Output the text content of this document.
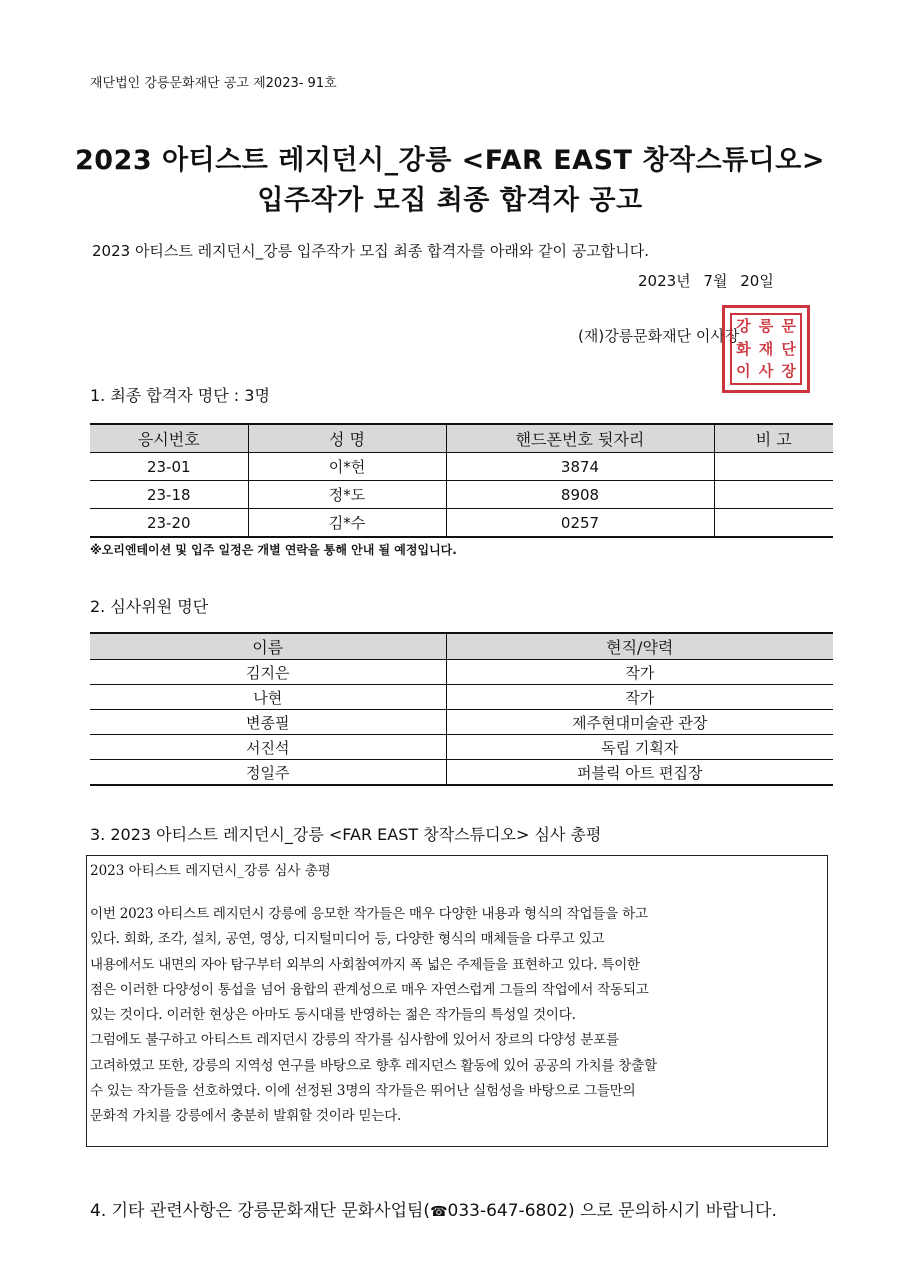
재단법인 강릉문화재단 공고 제2023- 91호
2023 아티스트 레지던시_강릉 <FAR EAST 창작스튜디오>
입주작가 모집 최종 합격자 공고
2023 아티스트 레지던시_강릉 입주작가 모집 최종 합격자를 아래와 같이 공고합니다.
2023년 7월 20일
(재)강릉문화재단 이사장
강 릉 문
화 재 단
이 사 장
1. 최종 합격자 명단 : 3명
응시번호	성 명	핸드폰번호 뒷자리	비 고
23-01	이*헌	3874	
23-18	정*도	8908	
23-20	김*수	0257	
※오리엔테이션 및 입주 일정은 개별 연락을 통해 안내 될 예정입니다.
2. 심사위원 명단
이름	현직/약력
김지은	작가
나현	작가
변종필	제주현대미술관 관장
서진석	독립 기획자
정일주	퍼블릭 아트 편집장
3. 2023 아티스트 레지던시_강릉 <FAR EAST 창작스튜디오> 심사 총평
2023 아티스트 레지던시_강릉 심사 총평
이번 2023 아티스트 레지던시 강릉에 응모한 작가들은 매우 다양한 내용과 형식의 작업들을 하고
있다. 회화, 조각, 설치, 공연, 영상, 디지털미디어 등, 다양한 형식의 매체들을 다루고 있고
내용에서도 내면의 자아 탐구부터 외부의 사회참여까지 폭 넓은 주제들을 표현하고 있다. 특이한
점은 이러한 다양성이 통섭을 넘어 융합의 관계성으로 매우 자연스럽게 그들의 작업에서 작동되고
있는 것이다. 이러한 현상은 아마도 동시대를 반영하는 젊은 작가들의 특성일 것이다.
그럼에도 불구하고 아티스트 레지던시 강릉의 작가를 심사함에 있어서 장르의 다양성 분포를
고려하였고 또한, 강릉의 지역성 연구를 바탕으로 향후 레지던스 활동에 있어 공공의 가치를 창출할
수 있는 작가들을 선호하였다. 이에 선정된 3명의 작가들은 뛰어난 실험성을 바탕으로 그들만의
문화적 가치를 강릉에서 충분히 발휘할 것이라 믿는다.
4. 기타 관련사항은 강릉문화재단 문화사업팀(☎033-647-6802) 으로 문의하시기 바랍니다.
